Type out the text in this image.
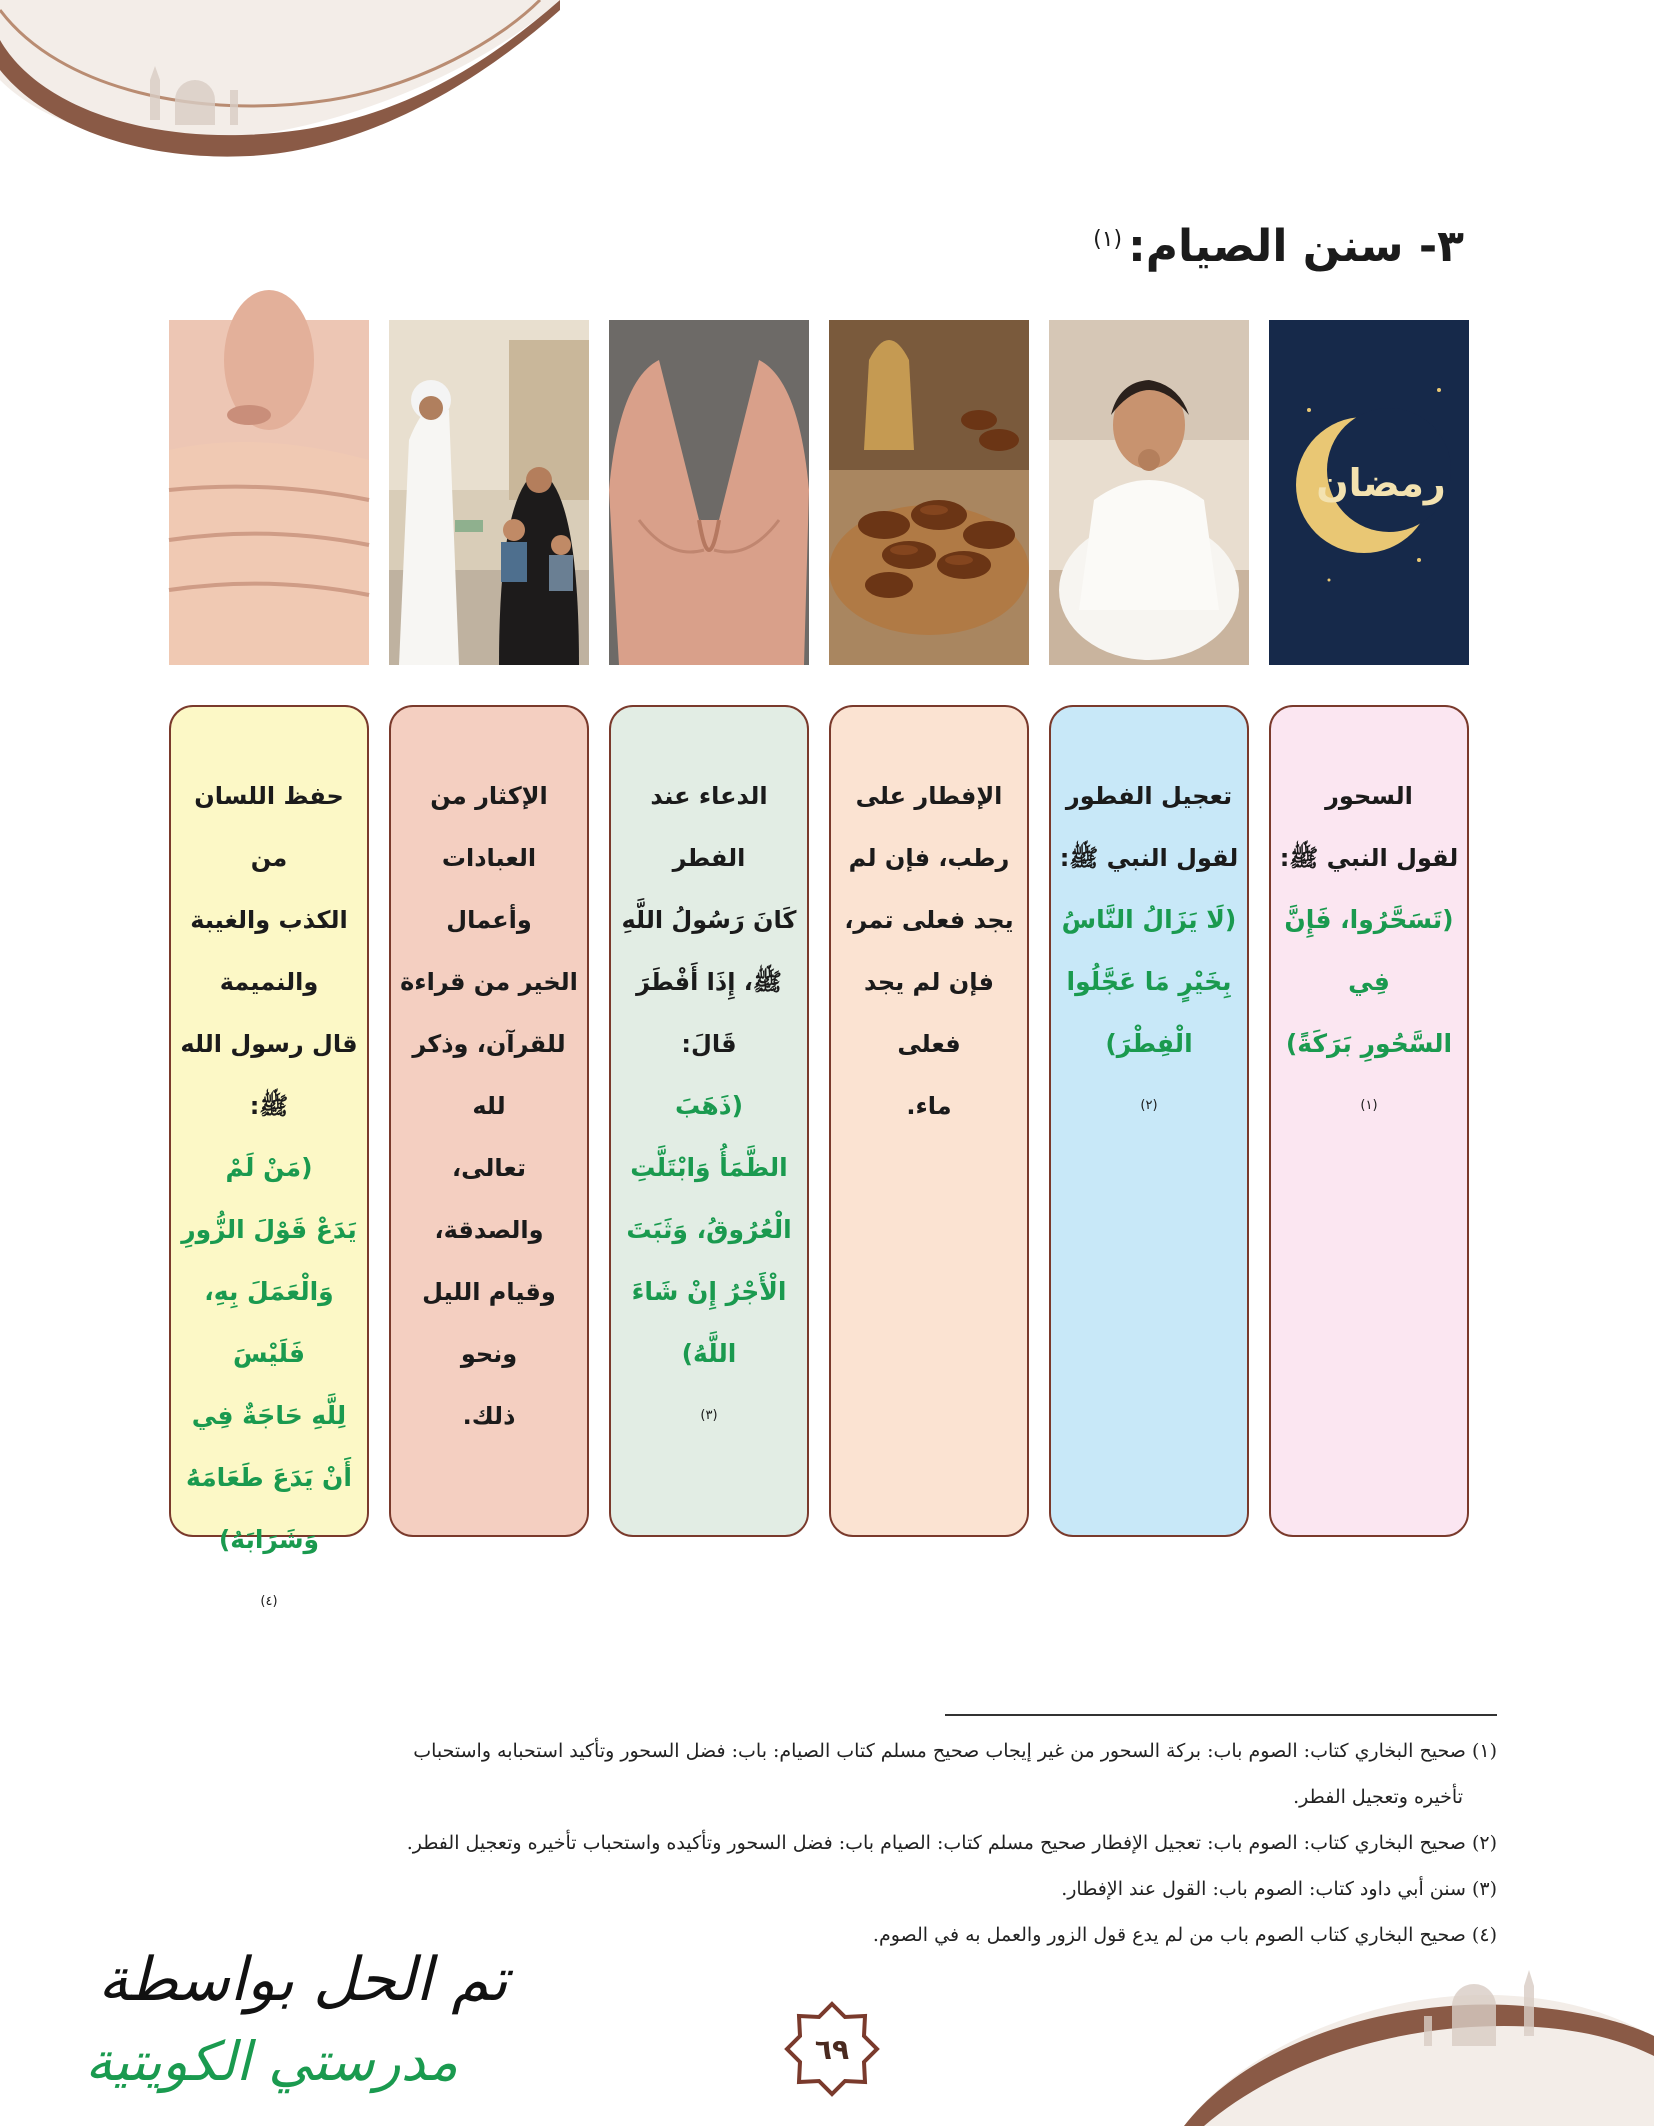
٣- سنن الصيام:$^{(١)}$
رمضان
السحور
لقول النبي ﷺ:
(تَسَحَّرُوا، فَإِنَّ
فِي
السَّحُورِ بَرَكَةً)
$^{(١)}$
تعجيل الفطور
لقول النبي ﷺ:
(لَا يَزَالُ النَّاسُ
بِخَيْرٍ مَا عَجَّلُوا
الْفِطْرَ)
$^{(٢)}$
الإفطار على
رطب، فإن لم
يجد فعلى تمر،
فإن لم يجد فعلى
ماء.
الدعاء عند الفطر
كَانَ رَسُولُ اللَّهِ
ﷺ، إِذَا أَفْطَرَ
قَالَ:
(ذَهَبَ
الظَّمَأُ وَابْتَلَّتِ
الْعُرُوقُ، وَثَبَتَ
الْأَجْرُ إِنْ شَاءَ
اللَّهُ)
$^{(٣)}$
الإكثار من
العبادات وأعمال
الخير من قراءة
للقرآن، وذكر لله
تعالى، والصدقة،
وقيام الليل ونحو
ذلك.
حفظ اللسان من
الكذب والغيبة
والنميمة
قال رسول الله
ﷺ:
(مَنْ لَمْ
يَدَعْ قَوْلَ الزُّورِ
وَالْعَمَلَ بِهِ، فَلَيْسَ
لِلَّهِ حَاجَةٌ فِي
أَنْ يَدَعَ طَعَامَهُ
وَشَرَابَهُ)
$^{(٤)}$

(١) صحيح البخاري كتاب: الصوم باب: بركة السحور من غير إيجاب صحيح مسلم كتاب الصيام: باب: فضل السحور وتأكيد استحبابه واستحباب

تأخيره وتعجيل الفطر.

(٢) صحيح البخاري كتاب: الصوم باب: تعجيل الإفطار صحيح مسلم كتاب: الصيام باب: فضل السحور وتأكيده واستحباب تأخيره وتعجيل الفطر.

(٣) سنن أبي داود كتاب: الصوم باب: القول عند الإفطار.

(٤) صحيح البخاري كتاب الصوم باب من لم يدع قول الزور والعمل به في الصوم.

تم الحل بواسطة
مدرستي الكويتية	٦٩
